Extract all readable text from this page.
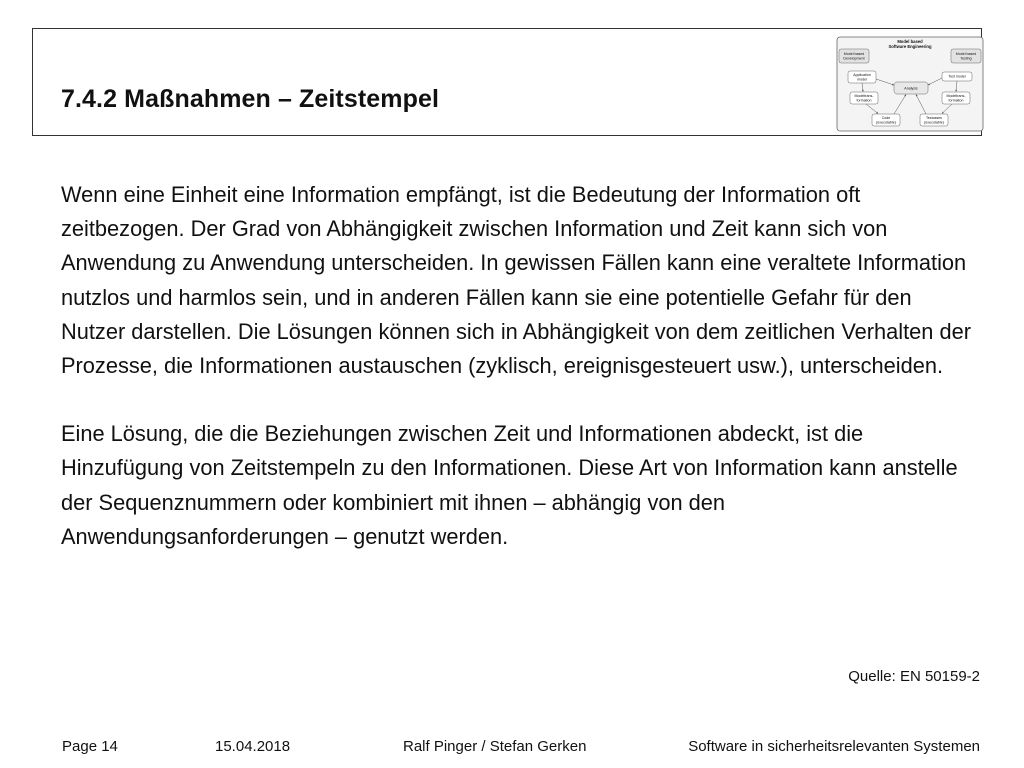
7.4.2 Maßnahmen – Zeitstempel
Model based
Software Engineering
Model based
Development
Model based
Testing
Application
model
Test model
Analysis
Modeltrans-
formation
Modeltrans-
formation
Code
(executable)
Testcases
(executable)

Wenn eine Einheit eine Information empfängt, ist die Bedeutung der Information oft zeitbezogen. Der Grad von Abhängigkeit zwischen Information und Zeit kann sich von Anwendung zu Anwendung unterscheiden. In gewissen Fällen kann eine veraltete Information nutzlos und harmlos sein, und in anderen Fällen kann sie eine potentielle Gefahr für den Nutzer darstellen. Die Lösungen können sich in Abhängigkeit von dem zeitlichen Verhalten der Prozesse, die Informationen austauschen (zyklisch, ereignisgesteuert usw.), unterscheiden.

Eine Lösung, die die Beziehungen zwischen Zeit und Informationen abdeckt, ist die Hinzufügung von Zeitstempeln zu den Informationen. Diese Art von Information kann anstelle der Sequenznummern oder kombiniert mit ihnen – abhängig von den Anwendungsanforderungen – genutzt werden.

Quelle: EN 50159-2
Page 14	15.04.2018	Ralf Pinger / Stefan Gerken	Software in sicherheitsrelevanten Systemen
